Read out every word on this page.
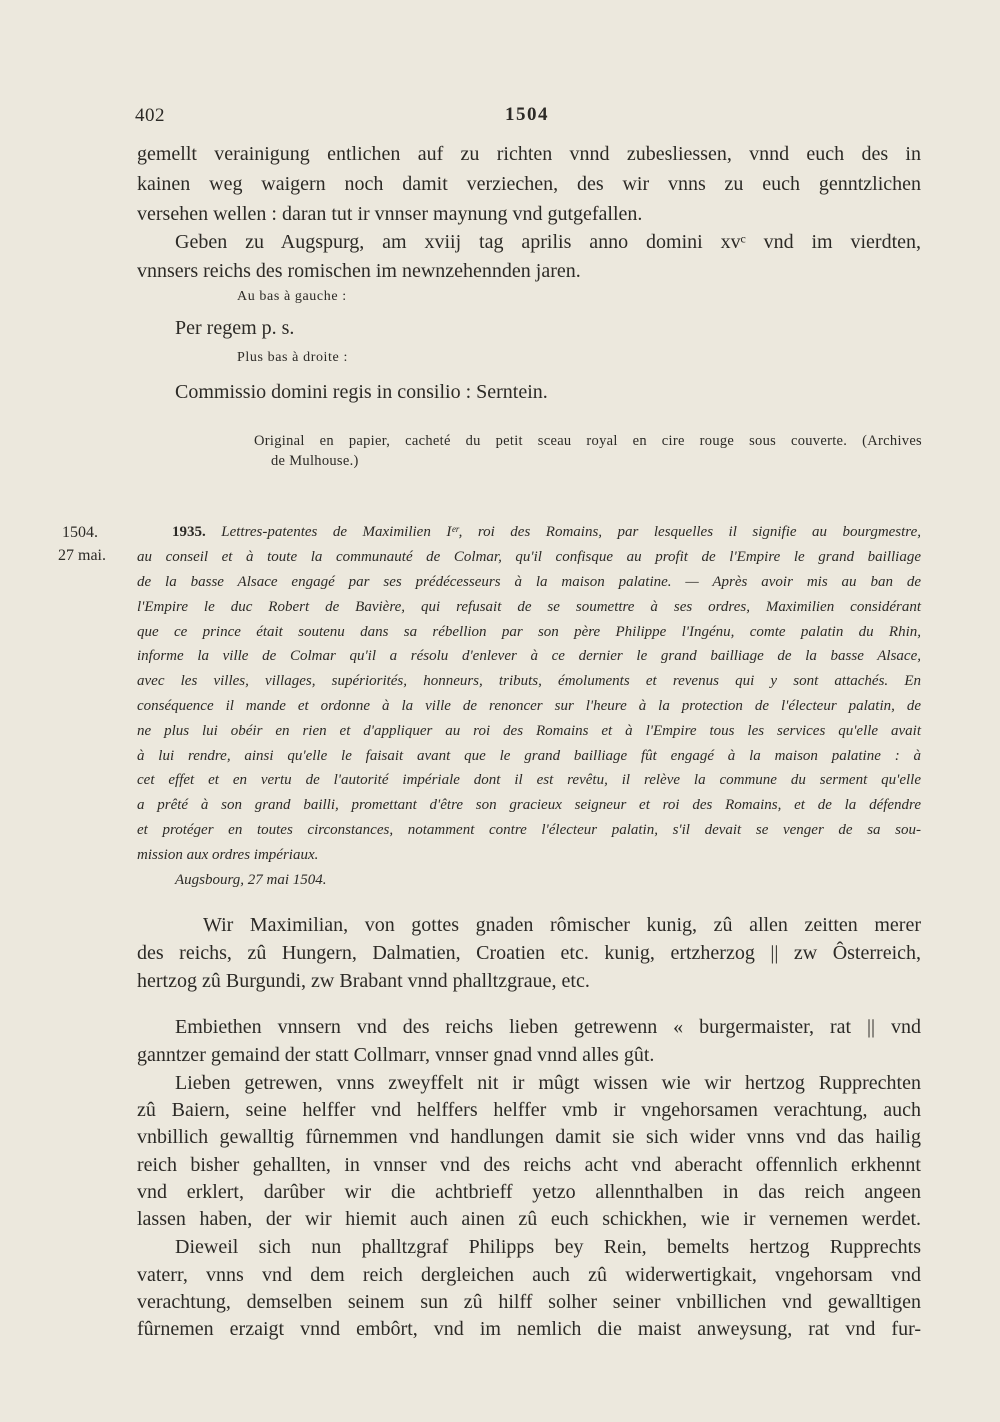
402	1504
gemellt verainigung entlichen auf zu richten vnnd zubesliessen, vnnd euch des in
kainen weg waigern noch damit verziechen, des wir vnns zu euch genntzlichen
versehen wellen : daran tut ir vnnser maynung vnd gutgefallen.
Geben zu Augspurg, am xviij tag aprilis anno domini xvᶜ vnd im vierdten,
vnnsers reichs des romischen im newnzehennden jaren.
Au bas à gauche :
Per regem p. s.
Plus bas à droite :
Commissio domini regis in consilio : Serntein.
Original en papier, cacheté du petit sceau royal en cire rouge sous couverte. (Archives
de Mulhouse.)
1504.
27 mai.
1935. Lettres-patentes de Maximilien Iᵉʳ, roi des Romains, par lesquelles il signifie au bourgmestre,
au conseil et à toute la communauté de Colmar, qu'il confisque au profit de l'Empire le grand bailliage
de la basse Alsace engagé par ses prédécesseurs à la maison palatine. — Après avoir mis au ban de
l'Empire le duc Robert de Bavière, qui refusait de se soumettre à ses ordres, Maximilien considérant
que ce prince était soutenu dans sa rébellion par son père Philippe l'Ingénu, comte palatin du Rhin,
informe la ville de Colmar qu'il a résolu d'enlever à ce dernier le grand bailliage de la basse Alsace,
avec les villes, villages, supériorités, honneurs, tributs, émoluments et revenus qui y sont attachés. En
conséquence il mande et ordonne à la ville de renoncer sur l'heure à la protection de l'électeur palatin, de
ne plus lui obéir en rien et d'appliquer au roi des Romains et à l'Empire tous les services qu'elle avait
à lui rendre, ainsi qu'elle le faisait avant que le grand bailliage fût engagé à la maison palatine : à
cet effet et en vertu de l'autorité impériale dont il est revêtu, il relève la commune du serment qu'elle
a prêté à son grand bailli, promettant d'être son gracieux seigneur et roi des Romains, et de la défendre
et protéger en toutes circonstances, notamment contre l'électeur palatin, s'il devait se venger de sa sou-
mission aux ordres impériaux.
Augsbourg, 27 mai 1504.
Wir Maximilian, von gottes gnaden rômischer kunig, zû allen zeitten merer
des reichs, zû Hungern, Dalmatien, Croatien etc. kunig, ertzherzog || zw Ôsterreich,
hertzog zû Burgundi, zw Brabant vnnd phalltzgraue, etc.
Embiethen vnnsern vnd des reichs lieben getrewenn « burgermaister, rat || vnd
ganntzer gemaind der statt Collmarr, vnnser gnad vnnd alles gût.
Lieben getrewen, vnns zweyffelt nit ir mûgt wissen wie wir hertzog Rupprechten
zû Baiern, seine helffer vnd helffers helffer vmb ir vngehorsamen verachtung, auch
vnbillich gewalltig fûrnemmen vnd handlungen damit sie sich wider vnns vnd das hailig
reich bisher gehallten, in vnnser vnd des reichs acht vnd aberacht offennlich erkhennt
vnd erklert, darûber wir die achtbrieff yetzo allennthalben in das reich angeen
lassen haben, der wir hiemit auch ainen zû euch schickhen, wie ir vernemen werdet.
Dieweil sich nun phalltzgraf Philipps bey Rein, bemelts hertzog Rupprechts
vaterr, vnns vnd dem reich dergleichen auch zû widerwertigkait, vngehorsam vnd
verachtung, demselben seinem sun zû hilff solher seiner vnbillichen vnd gewalltigen
fûrnemen erzaigt vnnd embôrt, vnd im nemlich die maist anweysung, rat vnd fur-
